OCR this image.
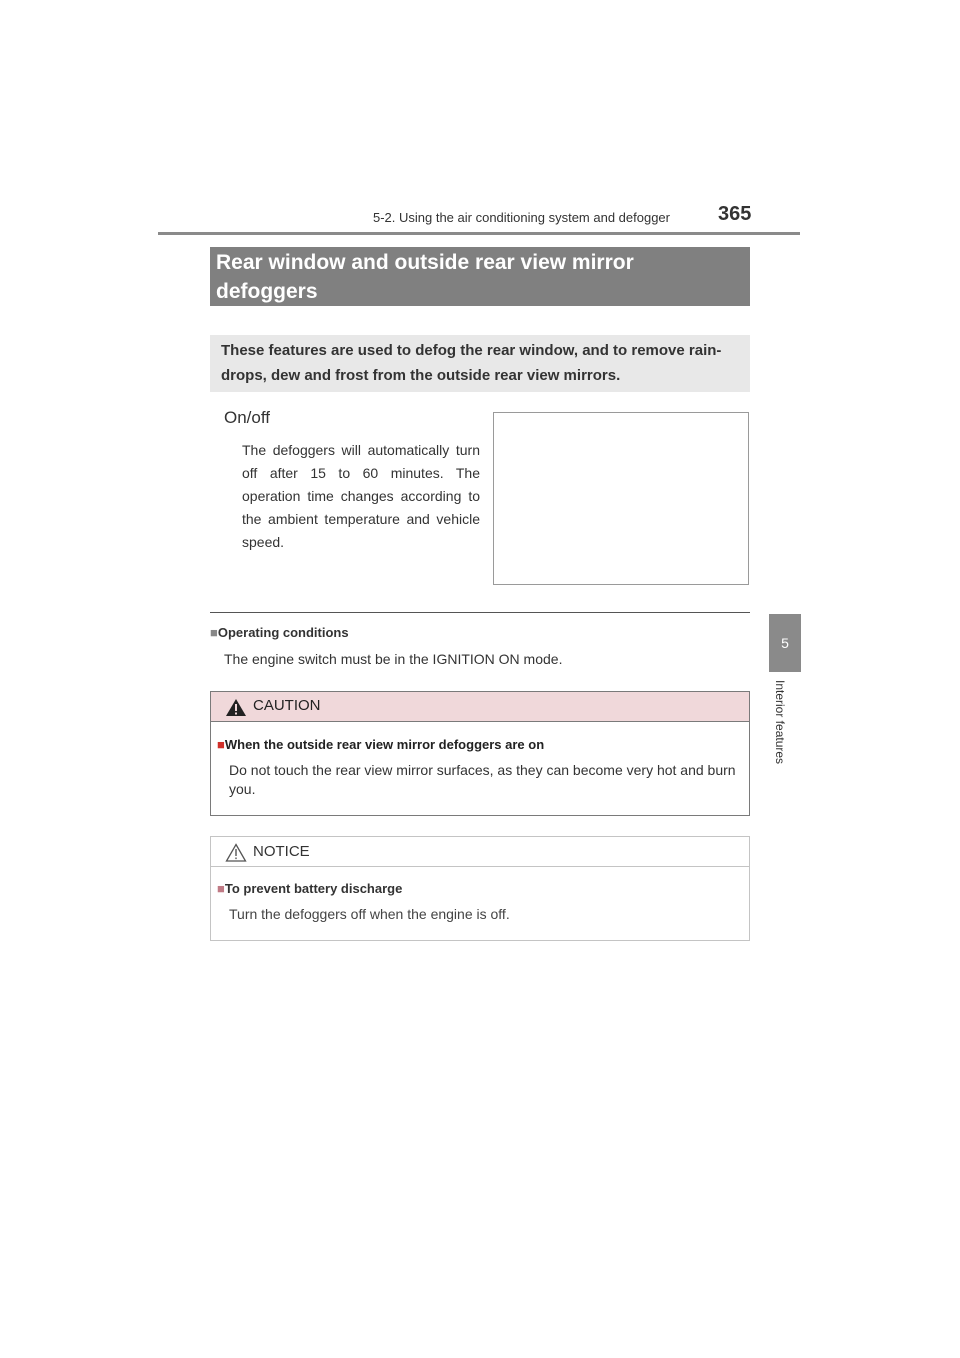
5-2. Using the air conditioning system and defogger 365
5
Interior features
Rear window and outside rear view mirror
defoggers
These features are used to defog the rear window, and to remove rain-
drops, dew and frost from the outside rear view mirrors.
On/off
The defoggers will automatically turn off after 15 to 60 minutes. The operation time changes according to the ambient temperature and vehicle speed.
■Operating conditions
The engine switch must be in the IGNITION ON mode.
CAUTION
■When the outside rear view mirror defoggers are on
Do not touch the rear view mirror surfaces, as they can become very hot and burn you.
NOTICE
■To prevent battery discharge
Turn the defoggers off when the engine is off.
